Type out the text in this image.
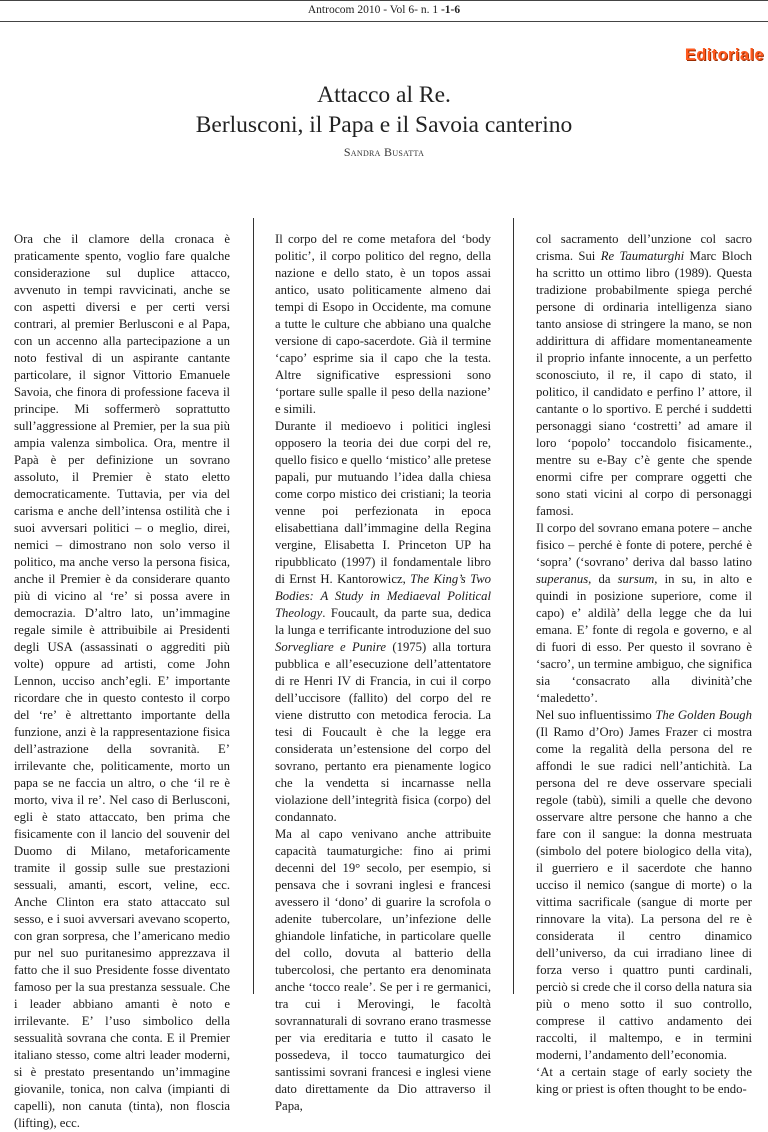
Antrocom 2010 - Vol 6- n. 1 -1-6
Editoriale
Attacco al Re.
Berlusconi, il Papa e il Savoia canterino
Sandra Busatta

Ora che il clamore della cronaca è praticamente spento, voglio fare qualche considerazione sul duplice attacco, avvenuto in tempi ravvicinati, anche se con aspetti diversi e per certi versi contrari, al premier Berlusconi e al Papa, con un accenno alla partecipazione a un noto festival di un aspirante cantante particolare, il signor Vittorio Emanuele Savoia, che finora di professione faceva il principe. Mi soffermerò soprattutto sull’aggressione al Premier, per la sua più ampia valenza simbolica. Ora, mentre il Papà è per definizione un sovrano assoluto, il Premier è stato eletto democraticamente. Tuttavia, per via del carisma e anche dell’intensa ostilità che i suoi avversari politici – o meglio, direi, nemici – dimostrano non solo verso il politico, ma anche verso la persona fisica, anche il Premier è da considerare quanto più di vicino al ‘re’ si possa avere in democrazia. D’altro lato, un’immagine regale simile è attribuibile ai Presidenti degli USA (assassinati o aggrediti più volte) oppure ad artisti, come John Lennon, ucciso anch’egli. E’ importante ricordare che in questo contesto il corpo del ‘re’ è altrettanto importante della funzione, anzi è la rappresentazione fisica dell’astrazione della sovranità. E’ irrilevante che, politicamente, morto un papa se ne faccia un altro, o che ‘il re è morto, viva il re’. Nel caso di Berlusconi, egli è stato attaccato, ben prima che fisicamente con il lancio del souvenir del Duomo di Milano, metaforicamente tramite il gossip sulle sue prestazioni sessuali, amanti, escort, veline, ecc. Anche Clinton era stato attaccato sul sesso, e i suoi avversari avevano scoperto, con gran sorpresa, che l’americano medio pur nel suo puritanesimo apprezzava il fatto che il suo Presidente fosse diventato famoso per la sua prestanza sessuale. Che i leader abbiano amanti è noto e irrilevante. E’ l’uso simbolico della sessualità sovrana che conta. E il Premier italiano stesso, come altri leader moderni, si è prestato presentando un’immagine giovanile, tonica, non calva (impianti di capelli), non canuta (tinta), non floscia (lifting), ecc.

Il corpo del re come metafora del ‘body politic’, il corpo politico del regno, della nazione e dello stato, è un topos assai antico, usato politicamente almeno dai tempi di Esopo in Occidente, ma comune a tutte le culture che abbiano una qualche versione di capo-sacerdote. Già il termine ‘capo’ esprime sia il capo che la testa. Altre significative espressioni sono ‘portare sulle spalle il peso della nazione’ e simili.

Durante il medioevo i politici inglesi opposero la teoria dei due corpi del re, quello fisico e quello ‘mistico’ alle pretese papali, pur mutuando l’idea dalla chiesa come corpo mistico dei cristiani; la teoria venne poi perfezionata in epoca elisabettiana dall’immagine della Regina vergine, Elisabetta I. Princeton UP ha ripubblicato (1997) il fondamentale libro di Ernst H. Kantorowicz, The King’s Two Bodies: A Study in Mediaeval Political Theology. Foucault, da parte sua, dedica la lunga e terrificante introduzione del suo Sorvegliare e Punire (1975) alla tortura pubblica e all’esecuzione dell’attentatore di re Henri IV di Francia, in cui il corpo dell’uccisore (fallito) del corpo del re viene distrutto con metodica ferocia. La tesi di Foucault è che la legge era considerata un’estensione del corpo del sovrano, pertanto era pienamente logico che la vendetta si incarnasse nella violazione dell’integrità fisica (corpo) del condannato.

Ma al capo venivano anche attribuite capacità taumaturgiche: fino ai primi decenni del 19° secolo, per esempio, si pensava che i sovrani inglesi e francesi avessero il ‘dono’ di guarire la scrofola o adenite tubercolare, un’infezione delle ghiandole linfatiche, in particolare quelle del collo, dovuta al batterio della tubercolosi, che pertanto era denominata anche ‘tocco reale’. Se per i re germanici, tra cui i Merovingi, le facoltà sovrannaturali di sovrano erano trasmesse per via ereditaria e tutto il casato le possedeva, il tocco taumaturgico dei santissimi sovrani francesi e inglesi viene dato direttamente da Dio attraverso il Papa,

col sacramento dell’unzione col sacro crisma. Sui Re Taumaturghi Marc Bloch ha scritto un ottimo libro (1989). Questa tradizione probabilmente spiega perché persone di ordinaria intelligenza siano tanto ansiose di stringere la mano, se non addirittura di affidare momentaneamente il proprio infante innocente, a un perfetto sconosciuto, il re, il capo di stato, il politico, il candidato e perfino l’ attore, il cantante o lo sportivo. E perché i suddetti personaggi siano ‘costretti’ ad amare il loro ‘popolo’ toccandolo fisicamente., mentre su e-Bay c’è gente che spende enormi cifre per comprare oggetti che sono stati vicini al corpo di personaggi famosi.

Il corpo del sovrano emana potere – anche fisico – perché è fonte di potere, perché è ‘sopra’ (‘sovrano’ deriva dal basso latino superanus, da sursum, in su, in alto e quindi in posizione superiore, come il capo) e’ aldilà’ della legge che da lui emana. E’ fonte di regola e governo, e al di fuori di esso. Per questo il sovrano è ‘sacro’, un termine ambiguo, che significa sia ‘consacrato alla divinità’che ‘maledetto’.

Nel suo influentissimo The Golden Bough (Il Ramo d’Oro) James Frazer ci mostra come la regalità della persona del re affondi le sue radici nell’antichità. La persona del re deve osservare speciali regole (tabù), simili a quelle che devono osservare altre persone che hanno a che fare con il sangue: la donna mestruata (simbolo del potere biologico della vita), il guerriero e il sacerdote che hanno ucciso il nemico (sangue di morte) o la vittima sacrificale (sangue di morte per rinnovare la vita). La persona del re è considerata il centro dinamico dell’universo, da cui irradiano linee di forza verso i quattro punti cardinali, perciò si crede che il corso della natura sia più o meno sotto il suo controllo, comprese il cattivo andamento dei raccolti, il maltempo, e in termini moderni, l’andamento dell’economia.

‘At a certain stage of early society the king or priest is often thought to be endo-
